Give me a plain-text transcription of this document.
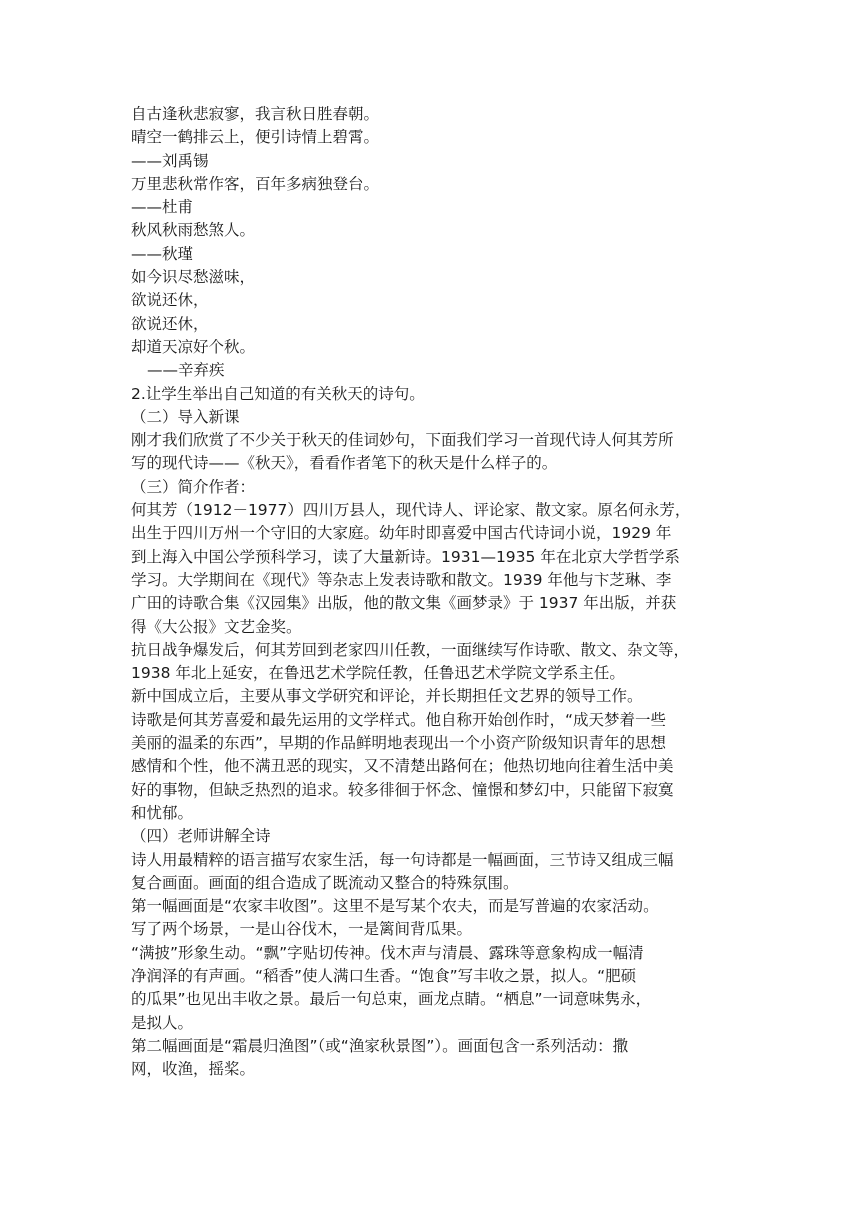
自古逢秋悲寂寥，我言秋日胜春朝。
晴空一鹤排云上，便引诗情上碧霄。
——刘禹锡
万里悲秋常作客，百年多病独登台。
——杜甫
秋风秋雨愁煞人。
——秋瑾
如今识尽愁滋味，
欲说还休，
欲说还休，
却道天凉好个秋。
——辛弃疾
2.让学生举出自己知道的有关秋天的诗句。
（二）导入新课
刚才我们欣赏了不少关于秋天的佳词妙句，下面我们学习一首现代诗人何其芳所
写的现代诗——《秋天》，看看作者笔下的秋天是什么样子的。
（三）简介作者：
何其芳（1912－1977）四川万县人，现代诗人、评论家、散文家。原名何永芳，
出生于四川万州一个守旧的大家庭。幼年时即喜爱中国古代诗词小说，1929 年
到上海入中国公学预科学习，读了大量新诗。1931—1935 年在北京大学哲学系
学习。大学期间在《现代》等杂志上发表诗歌和散文。1939 年他与卞芝琳、李
广田的诗歌合集《汉园集》出版，他的散文集《画梦录》于 1937 年出版，并获
得《大公报》文艺金奖。
抗日战争爆发后，何其芳回到老家四川任教，一面继续写作诗歌、散文、杂文等，
1938 年北上延安，在鲁迅艺术学院任教，任鲁迅艺术学院文学系主任。
新中国成立后，主要从事文学研究和评论，并长期担任文艺界的领导工作。
诗歌是何其芳喜爱和最先运用的文学样式。他自称开始创作时，“成天梦着一些
美丽的温柔的东西”，早期的作品鲜明地表现出一个小资产阶级知识青年的思想
感情和个性，他不满丑恶的现实，又不清楚出路何在；他热切地向往着生活中美
好的事物，但缺乏热烈的追求。较多徘徊于怀念、憧憬和梦幻中，只能留下寂寞
和忧郁。
（四）老师讲解全诗
诗人用最精粹的语言描写农家生活，每一句诗都是一幅画面，三节诗又组成三幅
复合画面。画面的组合造成了既流动又整合的特殊氛围。
第一幅画面是“农家丰收图”。这里不是写某个农夫，而是写普遍的农家活动。
写了两个场景，一是山谷伐木，一是篱间背瓜果。
“满披”形象生动。“飘”字贴切传神。伐木声与清晨、露珠等意象构成一幅清
净润泽的有声画。“稻香”使人满口生香。“饱食”写丰收之景，拟人。“肥硕
的瓜果”也见出丰收之景。最后一句总束，画龙点睛。“栖息”一词意味隽永，
是拟人。
第二幅画面是“霜晨归渔图”（或“渔家秋景图”）。画面包含一系列活动：撒
网，收渔，摇桨。
